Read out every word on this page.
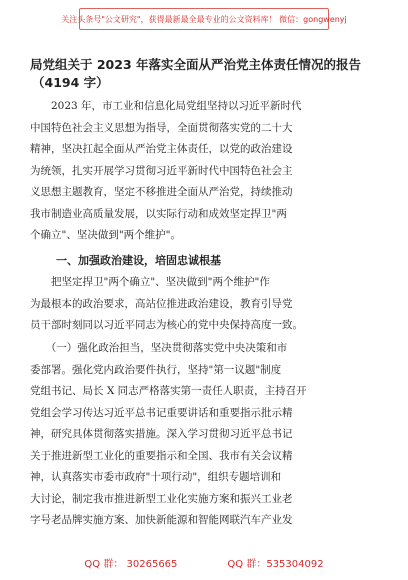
关注头条号"公文研究"，获得最新最全最专业的公文资料库！ 微信：gongwenyj
局党组关于 2023 年落实全面从严治党主体责任情况的报告
（4194 字）
　　2023 年，市工业和信息化局党组坚持以习近平新时代
中国特色社会主义思想为指导，全面贯彻落实党的二十大
精神，坚决扛起全面从严治党主体责任，以党的政治建设
为统领，扎实开展学习贯彻习近平新时代中国特色社会主
义思想主题教育，坚定不移推进全面从严治党，持续推动
我市制造业高质量发展，以实际行动和成效坚定捍卫"两
个确立"、坚决做到"两个维护"。
一、加强政治建设，培固忠诚根基
　　把坚定捍卫"两个确立"、坚决做到"两个维护"作
为最根本的政治要求，高站位推进政治建设，教育引导党
员干部时刻同以习近平同志为核心的党中央保持高度一致。
　　（一）强化政治担当，坚决贯彻落实党中央决策和市
委部署。强化党内政治要件执行，坚持"第一议题"制度
党组书记、局长 X 同志严格落实第一责任人职责，主持召开
党组会学习传达习近平总书记重要讲话和重要指示批示精
神，研究具体贯彻落实措施。深入学习贯彻习近平总书记
关于推进新型工业化的重要指示和全国、我市有关会议精
神，认真落实市委市政府"十项行动"，组织专题培训和
大讨论，制定我市推进新型工业化实施方案和振兴工业老
字号老品牌实施方案、加快新能源和智能网联汽车产业发
QQ 群： 30265665	QQ 群：535304092
